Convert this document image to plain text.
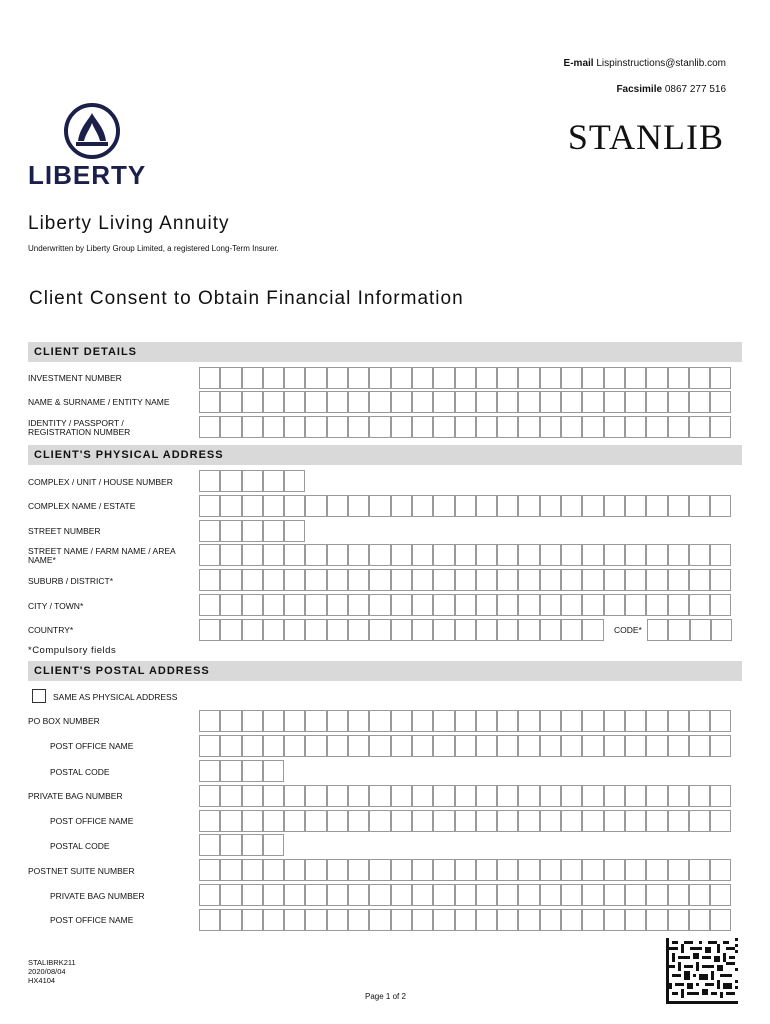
E-mail Lispinstructions@stanlib.com
Facsimile 0867 277 516
LIBERTY
STANLIB
Liberty Living Annuity
Underwritten by Liberty Group Limited, a registered Long-Term Insurer.
Client Consent to Obtain Financial Information
CLIENT DETAILS
INVESTMENT NUMBER
NAME & SURNAME / ENTITY NAME
IDENTITY / PASSPORT / REGISTRATION NUMBER
CLIENT'S PHYSICAL ADDRESS
COMPLEX / UNIT / HOUSE NUMBER
COMPLEX NAME / ESTATE
STREET NUMBER
STREET NAME / FARM NAME / AREA NAME*
SUBURB / DISTRICT*
CITY / TOWN*
COUNTRY*	CODE*
*Compulsory fields
CLIENT'S POSTAL ADDRESS
SAME AS PHYSICAL ADDRESS
PO BOX NUMBER
POST OFFICE NAME
POSTAL CODE
PRIVATE BAG NUMBER
POST OFFICE NAME
POSTAL CODE
POSTNET SUITE NUMBER
PRIVATE BAG NUMBER
POST OFFICE NAME
STALIBRK211
2020/08/04
HX4104
Page 1 of 2
